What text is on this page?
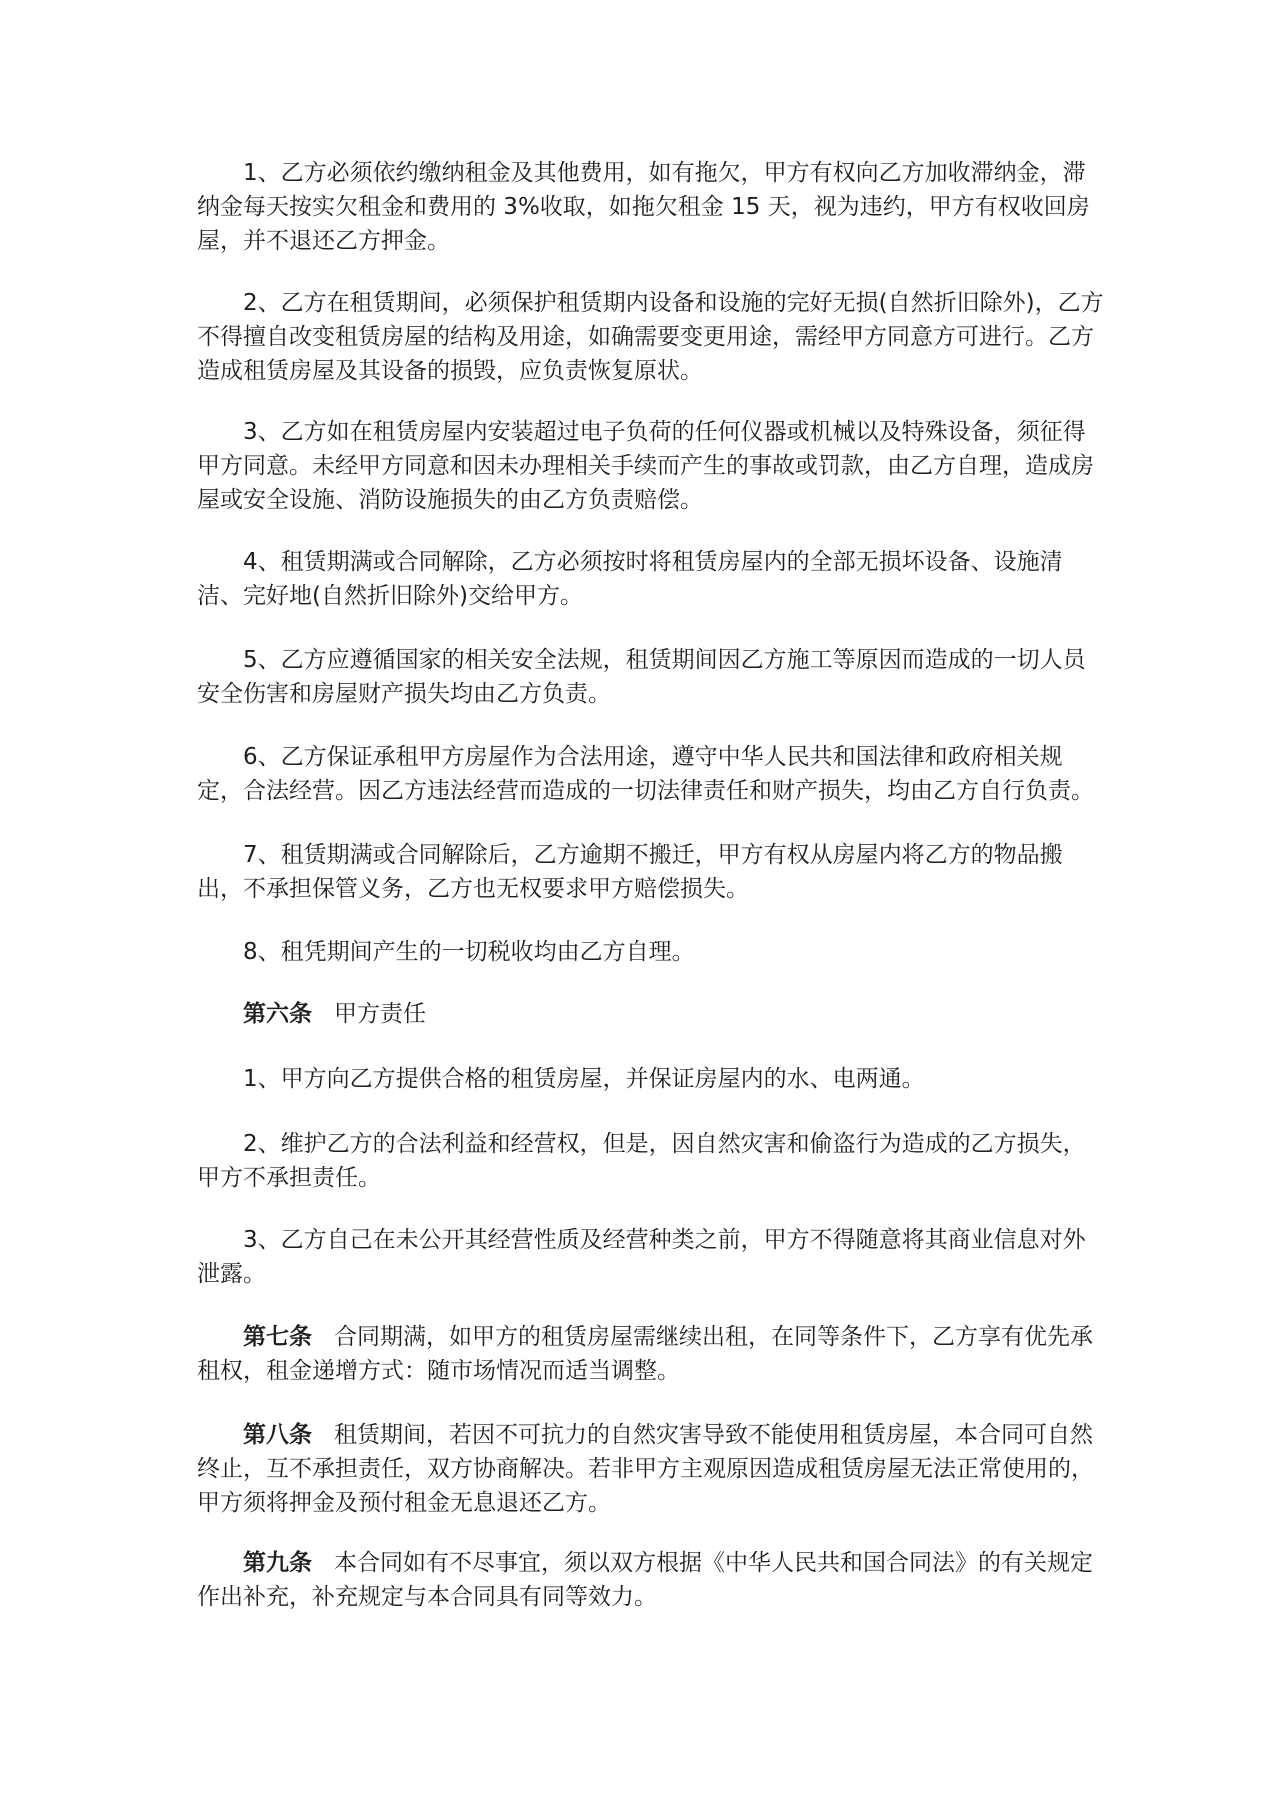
1、乙方必须依约缴纳租金及其他费用，如有拖欠，甲方有权向乙方加收滞纳金，滞
纳金每天按实欠租金和费用的 3%收取，如拖欠租金 15 天，视为违约，甲方有权收回房
屋，并不退还乙方押金。
2、乙方在租赁期间，必须保护租赁期内设备和设施的完好无损(自然折旧除外)，乙方
不得擅自改变租赁房屋的结构及用途，如确需要变更用途，需经甲方同意方可进行。乙方
造成租赁房屋及其设备的损毁，应负责恢复原状。
3、乙方如在租赁房屋内安装超过电子负荷的任何仪器或机械以及特殊设备，须征得
甲方同意。未经甲方同意和因未办理相关手续而产生的事故或罚款，由乙方自理，造成房
屋或安全设施、消防设施损失的由乙方负责赔偿。
4、租赁期满或合同解除，乙方必须按时将租赁房屋内的全部无损坏设备、设施清
洁、完好地(自然折旧除外)交给甲方。
5、乙方应遵循国家的相关安全法规，租赁期间因乙方施工等原因而造成的一切人员
安全伤害和房屋财产损失均由乙方负责。
6、乙方保证承租甲方房屋作为合法用途，遵守中华人民共和国法律和政府相关规
定，合法经营。因乙方违法经营而造成的一切法律责任和财产损失，均由乙方自行负责。
7、租赁期满或合同解除后，乙方逾期不搬迁，甲方有权从房屋内将乙方的物品搬
出，不承担保管义务，乙方也无权要求甲方赔偿损失。
8、租凭期间产生的一切税收均由乙方自理。
第六条 甲方责任
1、甲方向乙方提供合格的租赁房屋，并保证房屋内的水、电两通。
2、维护乙方的合法利益和经营权，但是，因自然灾害和偷盗行为造成的乙方损失，
甲方不承担责任。
3、乙方自己在未公开其经营性质及经营种类之前，甲方不得随意将其商业信息对外
泄露。
第七条 合同期满，如甲方的租赁房屋需继续出租，在同等条件下，乙方享有优先承
租权，租金递增方式：随市场情况而适当调整。
第八条 租赁期间，若因不可抗力的自然灾害导致不能使用租赁房屋，本合同可自然
终止，互不承担责任，双方协商解决。若非甲方主观原因造成租赁房屋无法正常使用的，
甲方须将押金及预付租金无息退还乙方。
第九条 本合同如有不尽事宜，须以双方根据《中华人民共和国合同法》的有关规定
作出补充，补充规定与本合同具有同等效力。
